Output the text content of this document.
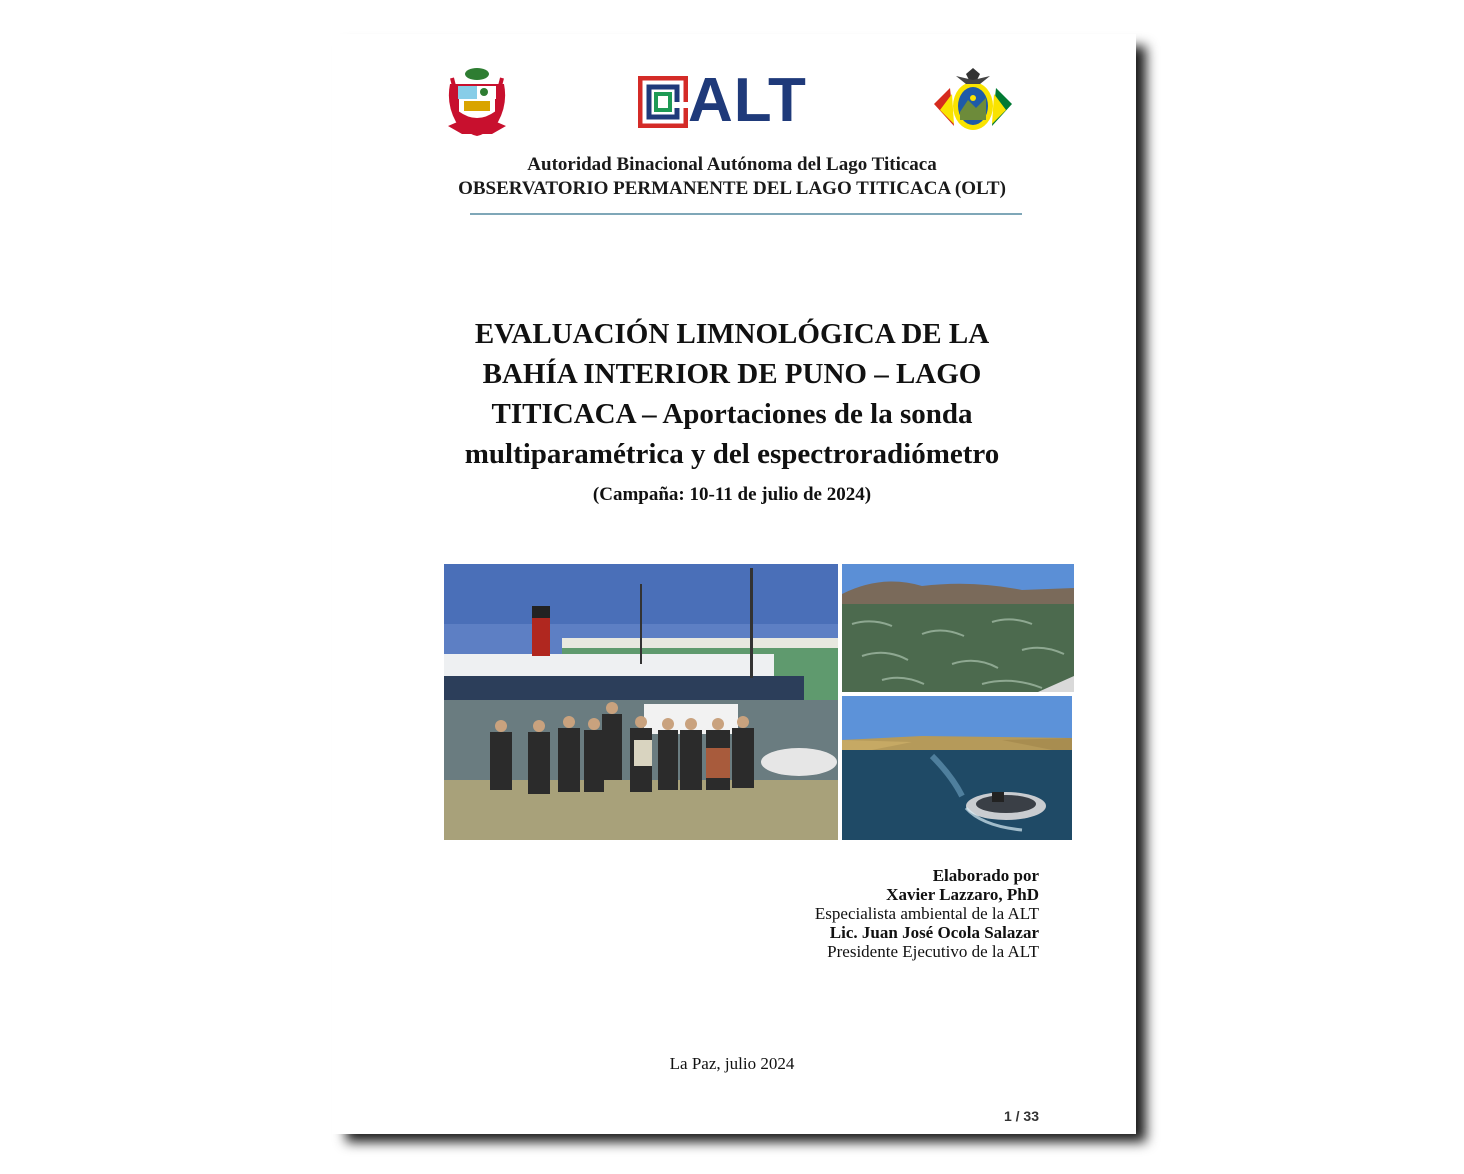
ALT
Autoridad Binacional Autónoma del Lago Titicaca
OBSERVATORIO PERMANENTE DEL LAGO TITICACA (OLT)
EVALUACIÓN LIMNOLÓGICA DE LA
BAHÍA INTERIOR DE PUNO – LAGO
TITICACA – Aportaciones de la sonda
multiparamétrica y del espectroradiómetro
(Campaña: 10-11 de julio de 2024)
Elaborado por
Xavier Lazzaro, PhD
Especialista ambiental de la ALT
Lic. Juan José Ocola Salazar
Presidente Ejecutivo de la ALT
La Paz, julio 2024
1 / 33
